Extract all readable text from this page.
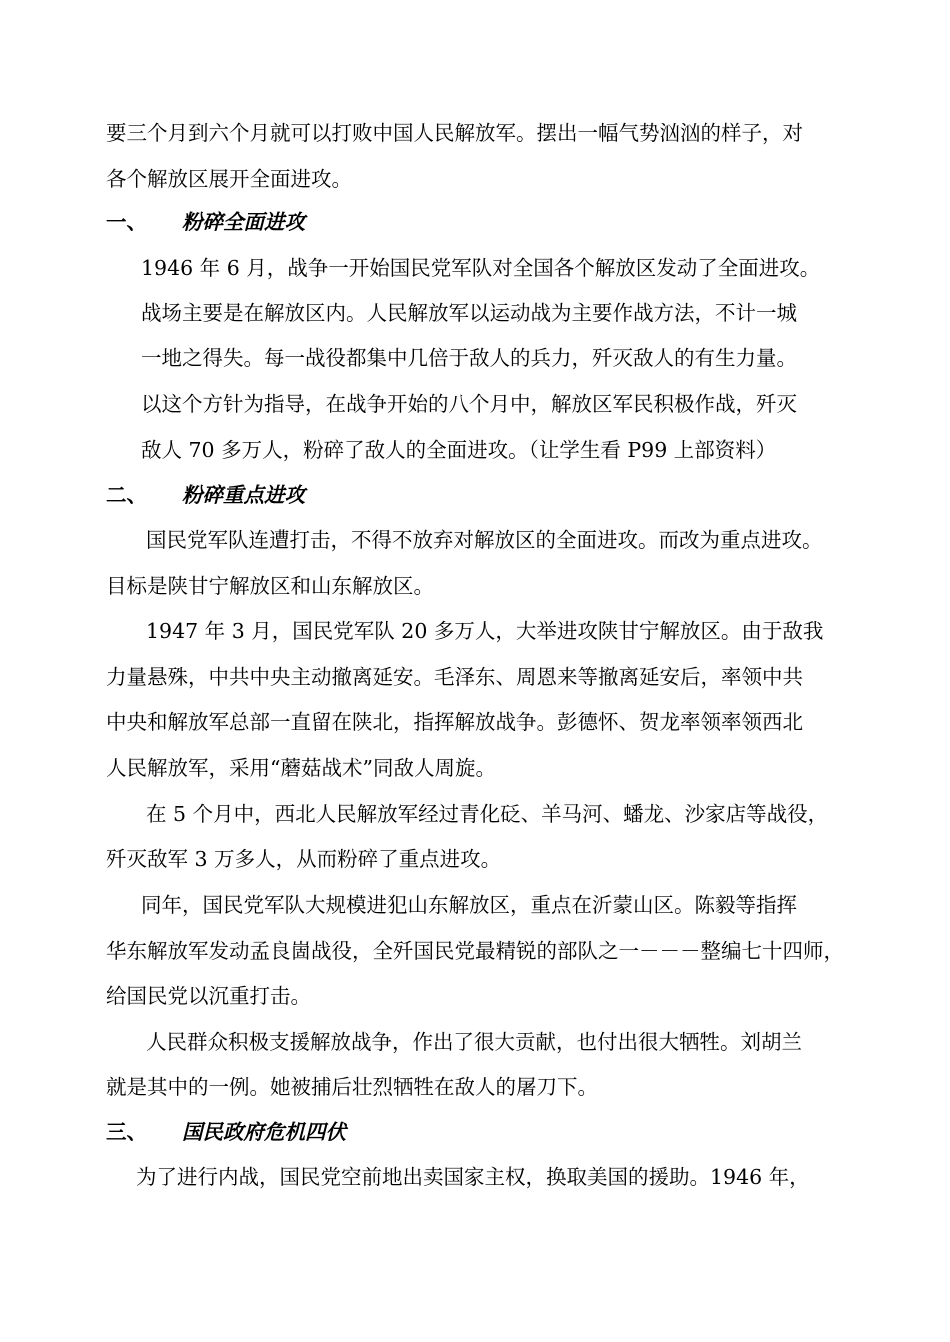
要三个月到六个月就可以打败中国人民解放军。摆出一幅气势汹汹的样子，对

各个解放区展开全面进攻。

一、 粉碎全面进攻

1946 年 6 月，战争一开始国民党军队对全国各个解放区发动了全面进攻。

战场主要是在解放区内。人民解放军以运动战为主要作战方法，不计一城

一地之得失。每一战役都集中几倍于敌人的兵力，歼灭敌人的有生力量。

以这个方针为指导，在战争开始的八个月中，解放区军民积极作战，歼灭

敌人 70 多万人，粉碎了敌人的全面进攻。（让学生看 P99 上部资料）

二、 粉碎重点进攻

国民党军队连遭打击，不得不放弃对解放区的全面进攻。而改为重点进攻。

目标是陕甘宁解放区和山东解放区。

1947 年 3 月，国民党军队 20 多万人，大举进攻陕甘宁解放区。由于敌我

力量悬殊，中共中央主动撤离延安。毛泽东、周恩来等撤离延安后，率领中共

中央和解放军总部一直留在陕北，指挥解放战争。彭德怀、贺龙率领率领西北

人民解放军，采用“蘑菇战术”同敌人周旋。

在 5 个月中，西北人民解放军经过青化砭、羊马河、蟠龙、沙家店等战役，

歼灭敌军 3 万多人，从而粉碎了重点进攻。

同年，国民党军队大规模进犯山东解放区，重点在沂蒙山区。陈毅等指挥

华东解放军发动孟良崮战役，全歼国民党最精锐的部队之一－－－整编七十四师，

给国民党以沉重打击。

人民群众积极支援解放战争，作出了很大贡献，也付出很大牺牲。刘胡兰

就是其中的一例。她被捕后壮烈牺牲在敌人的屠刀下。

三、 国民政府危机四伏

为了进行内战，国民党空前地出卖国家主权，换取美国的援助。1946 年，
